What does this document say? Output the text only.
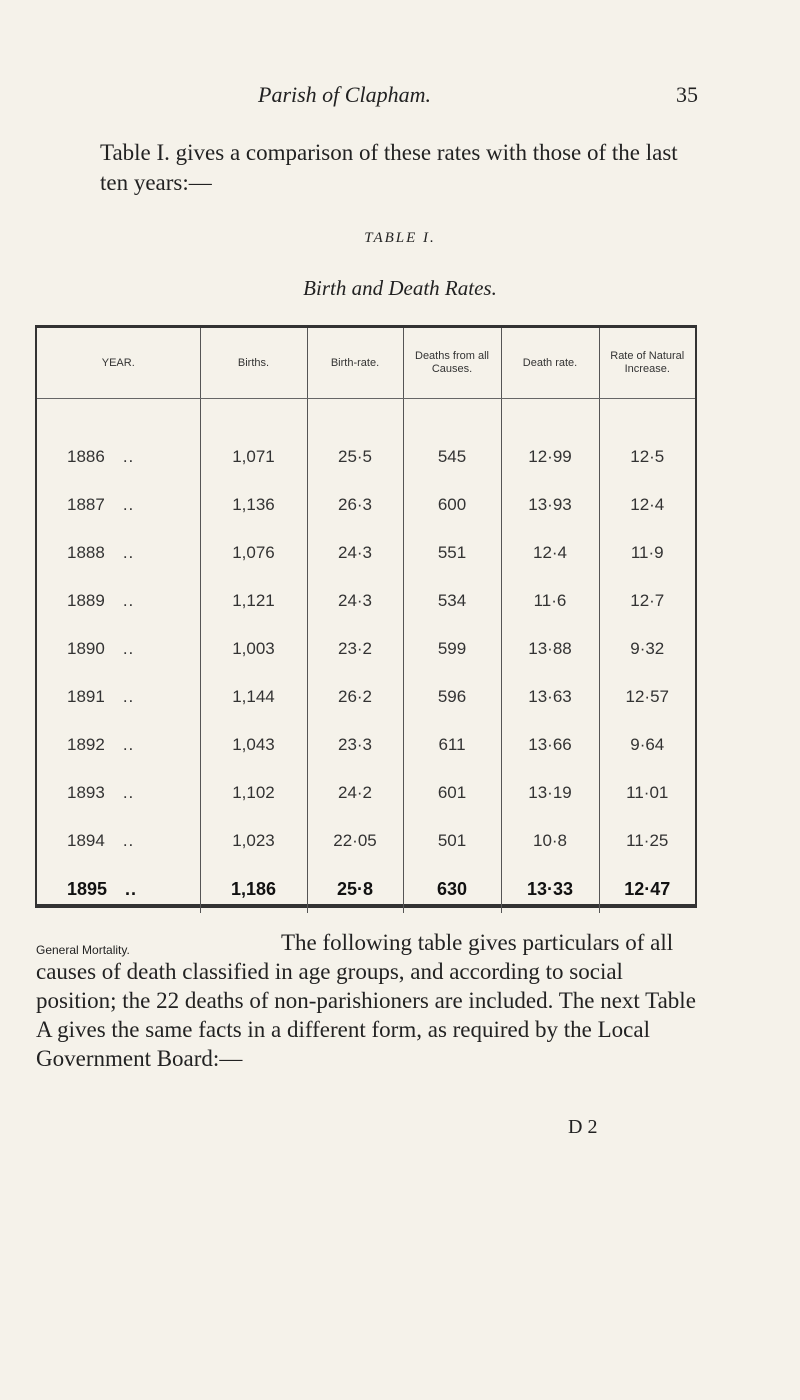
Parish of Clapham.	35
Table I. gives a comparison of these rates with those of the last ten years:—
TABLE I.
Birth and Death Rates.
YEAR.	Births.	Birth-rate.	Deaths from all Causes.	Death rate.	Rate of Natural Increase.

1886 ..	1,071	25·5	545	12·99	12·5
1887 ..	1,136	26·3	600	13·93	12·4
1888 ..	1,076	24·3	551	12·4	11·9
1889 ..	1,121	24·3	534	11·6	12·7
1890 ..	1,003	23·2	599	13·88	9·32
1891 ..	1,144	26·2	596	13·63	12·57
1892 ..	1,043	23·3	611	13·66	9·64
1893 ..	1,102	24·2	601	13·19	11·01
1894 ..	1,023	22·05	501	10·8	11·25
1895 ..	1,186	25·8	630	13·33	12·47
The following table gives particulars of all causes of death classified in age groups, and according to social position; the 22 deaths of non-parishioners are included. The next Table A gives the same facts in a different form, as required by the Local Government Board:—
General Mortality.
D 2
